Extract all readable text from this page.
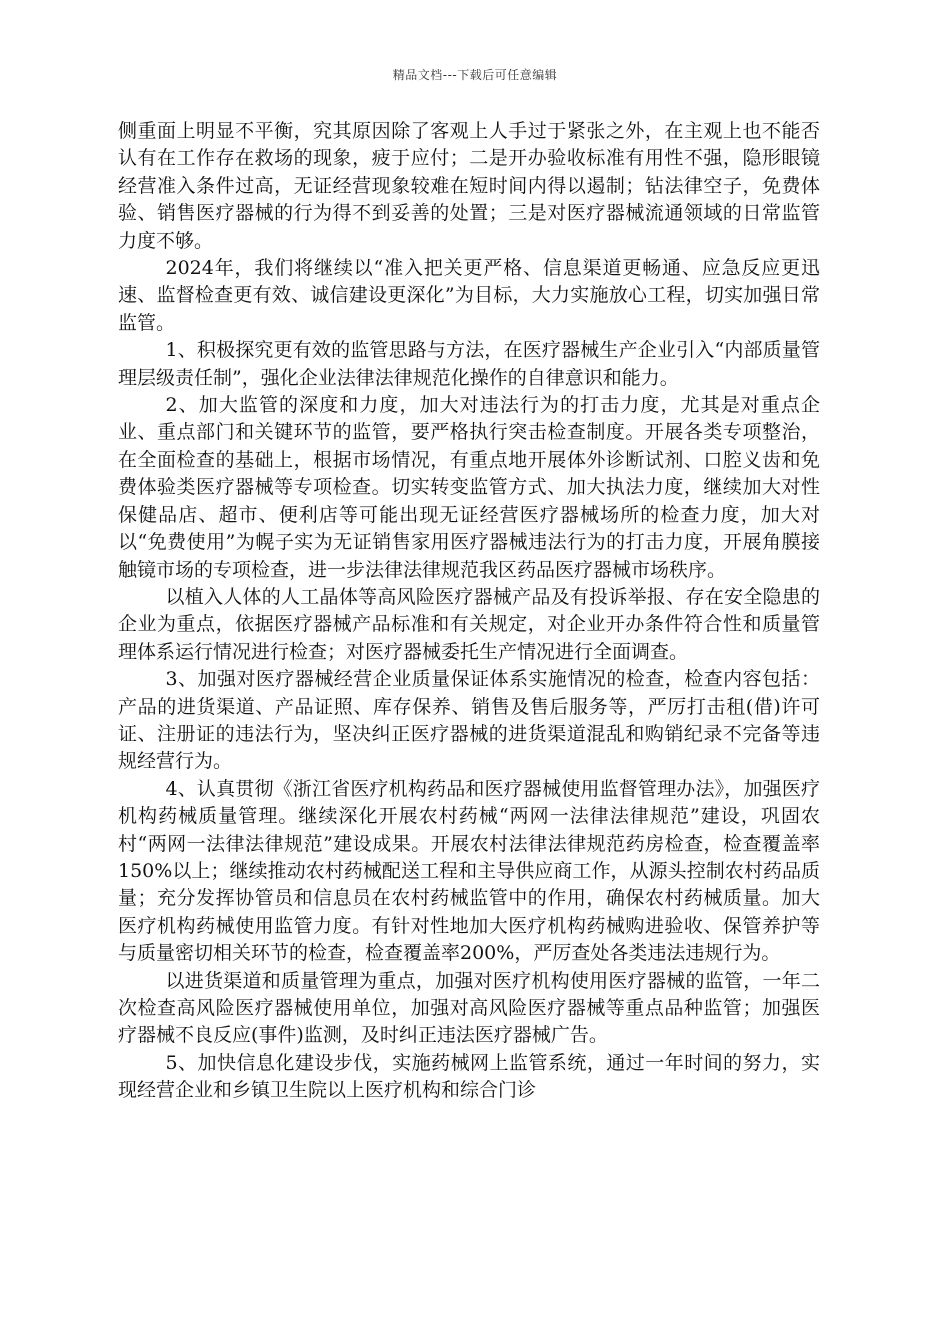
精品文档---下载后可任意编辑

侧重面上明显不平衡，究其原因除了客观上人手过于紧张之外，在主观上也不能否认有在工作存在救场的现象，疲于应付；二是开办验收标准有用性不强，隐形眼镜经营准入条件过高，无证经营现象较难在短时间内得以遏制；钻法律空子，免费体验、销售医疗器械的行为得不到妥善的处置；三是对医疗器械流通领域的日常监管力度不够。

2024年，我们将继续以“准入把关更严格、信息渠道更畅通、应急反应更迅速、监督检查更有效、诚信建设更深化”为目标，大力实施放心工程，切实加强日常监管。

1、积极探究更有效的监管思路与方法，在医疗器械生产企业引入“内部质量管理层级责任制”，强化企业法律法律规范化操作的自律意识和能力。

2、加大监管的深度和力度，加大对违法行为的打击力度，尤其是对重点企业、重点部门和关键环节的监管，要严格执行突击检查制度。开展各类专项整治，在全面检查的基础上，根据市场情况，有重点地开展体外诊断试剂、口腔义齿和免费体验类医疗器械等专项检查。切实转变监管方式、加大执法力度，继续加大对性保健品店、超市、便利店等可能出现无证经营医疗器械场所的检查力度，加大对以“免费使用”为幌子实为无证销售家用医疗器械违法行为的打击力度，开展角膜接触镜市场的专项检查，进一步法律法律规范我区药品医疗器械市场秩序。

以植入人体的人工晶体等高风险医疗器械产品及有投诉举报、存在安全隐患的企业为重点，依据医疗器械产品标准和有关规定，对企业开办条件符合性和质量管理体系运行情况进行检查；对医疗器械委托生产情况进行全面调查。

3、加强对医疗器械经营企业质量保证体系实施情况的检查，检查内容包括：产品的进货渠道、产品证照、库存保养、销售及售后服务等，严厉打击租(借)许可证、注册证的违法行为，坚决纠正医疗器械的进货渠道混乱和购销纪录不完备等违规经营行为。

4、认真贯彻《浙江省医疗机构药品和医疗器械使用监督管理办法》，加强医疗机构药械质量管理。继续深化开展农村药械“两网一法律法律规范”建设，巩固农村“两网一法律法律规范”建设成果。开展农村法律法律规范药房检查，检查覆盖率150%以上；继续推动农村药械配送工程和主导供应商工作，从源头控制农村药品质量；充分发挥协管员和信息员在农村药械监管中的作用，确保农村药械质量。加大医疗机构药械使用监管力度。有针对性地加大医疗机构药械购进验收、保管养护等与质量密切相关环节的检查，检查覆盖率200%，严厉查处各类违法违规行为。

以进货渠道和质量管理为重点，加强对医疗机构使用医疗器械的监管，一年二次检查高风险医疗器械使用单位，加强对高风险医疗器械等重点品种监管；加强医疗器械不良反应(事件)监测，及时纠正违法医疗器械广告。

5、加快信息化建设步伐，实施药械网上监管系统，通过一年时间的努力，实现经营企业和乡镇卫生院以上医疗机构和综合门诊
